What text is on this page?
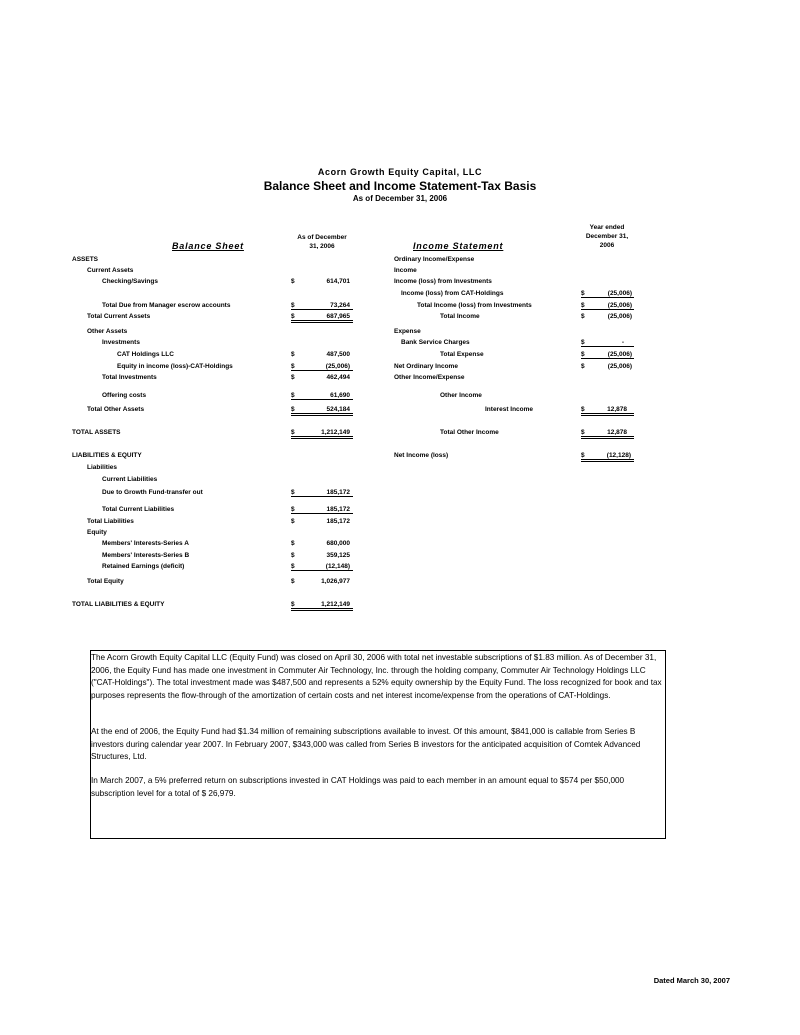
Acorn Growth Equity Capital, LLC
Balance Sheet and Income Statement-Tax Basis
As of December 31, 2006
Balance Sheet
As of December
31, 2006	Income Statement
Year ended
December 31,
2006
ASSETS
Current Assets
Checking/Savings	$	614,701
Total Due from Manager escrow accounts	$	73,264
Total Current Assets	$	687,965
Other Assets
Investments
CAT Holdings LLC	$	487,500
Equity in income (loss)-CAT-Holdings	$	(25,006)
Total Investments	$	462,494
Offering costs	$	61,690
Total Other Assets	$	524,184
TOTAL ASSETS	$	1,212,149
LIABILITIES & EQUITY
Liabilities
Current Liabilities
Due to Growth Fund-transfer out	$	185,172
Total Current Liabilities	$	185,172
Total Liabilities	$	185,172
Equity
Members' Interests-Series A	$	680,000
Members' Interests-Series B	$	359,125
Retained Earnings (deficit)	$	(12,148)
Total Equity	$	1,026,977
TOTAL LIABILITIES & EQUITY	$	1,212,149
Ordinary Income/Expense
Income
Income (loss) from Investments
Income (loss) from CAT-Holdings	$	(25,006)
Total Income (loss) from Investments	$	(25,006)
Total Income	$	(25,006)
Expense
Bank Service Charges	$	-
Total Expense	$	(25,006)
Net Ordinary Income	$	(25,006)
Other Income/Expense
Other Income
Interest Income	$	12,878
Total Other Income	$	12,878
Net Income (loss)	$	(12,128)
The Acorn Growth Equity Capital LLC (Equity Fund) was closed on April 30, 2006 with total net investable subscriptions of $1.83 million. As of December 31, 2006, the Equity Fund has made one investment in Commuter Air Technology, Inc. through the holding company, Commuter Air Technology Holdings LLC ("CAT-Holdings"). The total investment made was $487,500 and represents a 52% equity ownership by the Equity Fund. The loss recognized for book and tax purposes represents the flow-through of the amortization of certain costs and net interest income/expense from the operations of CAT-Holdings.
At the end of 2006, the Equity Fund had $1.34 million of remaining subscriptions available to invest. Of this amount, $841,000 is callable from Series B investors during calendar year 2007. In February 2007, $343,000 was called from Series B investors for the anticipated acquisition of Comtek Advanced Structures, Ltd.
In March 2007, a 5% preferred return on subscriptions invested in CAT Holdings was paid to each member in an amount equal to $574 per $50,000 subscription level for a total of $ 26,979.
Dated March 30, 2007
